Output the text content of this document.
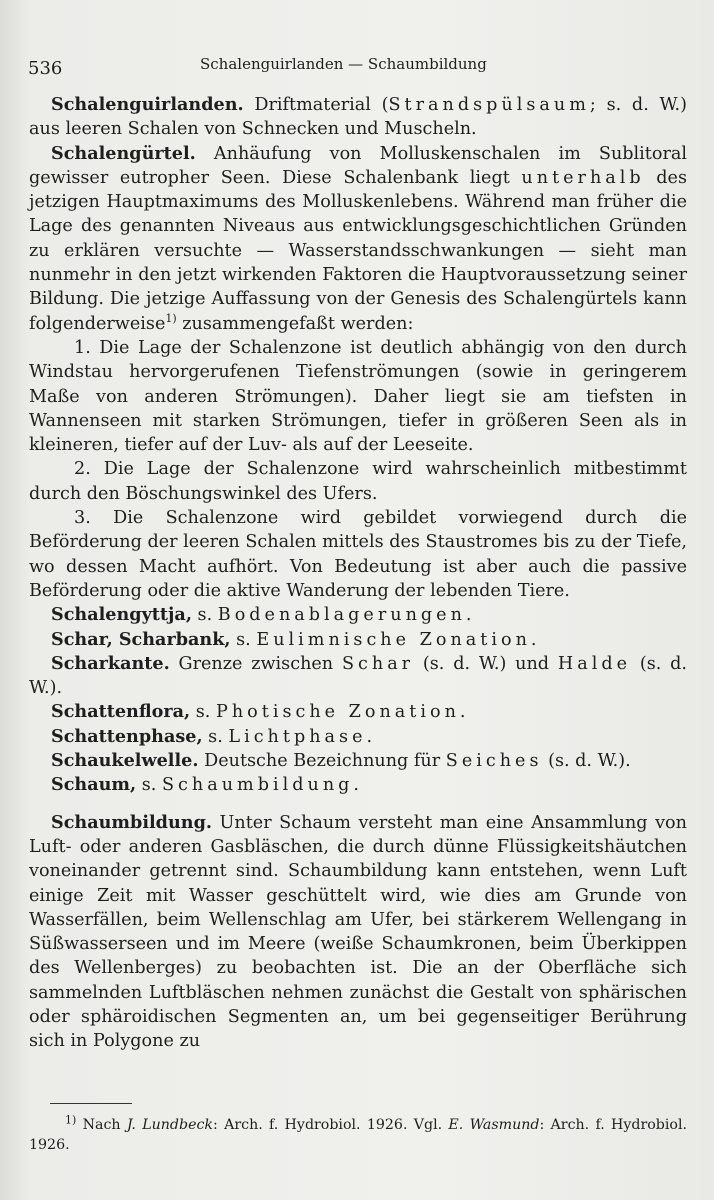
536	Schalenguirlanden — Schaumbildung

Schalenguirlanden. Driftmaterial (Strandspülsaum; s. d. W.) aus leeren Schalen von Schnecken und Muscheln.

Schalengürtel. Anhäufung von Molluskenschalen im Sublitoral gewisser eutropher Seen. Diese Schalenbank liegt unterhalb des jetzigen Hauptmaximums des Molluskenlebens. Während man früher die Lage des genannten Niveaus aus entwicklungsgeschichtlichen Gründen zu erklären versuchte — Wasserstandsschwankungen — sieht man nunmehr in den jetzt wirkenden Faktoren die Hauptvoraussetzung seiner Bildung. Die jetzige Auffassung von der Genesis des Schalengürtels kann folgenderweise$^{1)}$ zusammengefaßt werden:

1. Die Lage der Schalenzone ist deutlich abhängig von den durch Windstau hervorgerufenen Tiefenströmungen (sowie in geringerem Maße von anderen Strömungen). Daher liegt sie am tiefsten in Wannenseen mit starken Strömungen, tiefer in größeren Seen als in kleineren, tiefer auf der Luv- als auf der Leeseite.

2. Die Lage der Schalenzone wird wahrscheinlich mitbestimmt durch den Böschungswinkel des Ufers.

3. Die Schalenzone wird gebildet vorwiegend durch die Beförderung der leeren Schalen mittels des Staustromes bis zu der Tiefe, wo dessen Macht aufhört. Von Bedeutung ist aber auch die passive Beförderung oder die aktive Wanderung der lebenden Tiere.

Schalengyttja, s. Bodenablagerungen.

Schar, Scharbank, s. Eulimnische Zonation.

Scharkante. Grenze zwischen Schar (s. d. W.) und Halde (s. d. W.).

Schattenflora, s. Photische Zonation.

Schattenphase, s. Lichtphase.

Schaukelwelle. Deutsche Bezeichnung für Seiches (s. d. W.).

Schaum, s. Schaumbildung.

Schaumbildung. Unter Schaum versteht man eine Ansammlung von Luft- oder anderen Gasbläschen, die durch dünne Flüssigkeitshäutchen voneinander getrennt sind. Schaumbildung kann entstehen, wenn Luft einige Zeit mit Wasser geschüttelt wird, wie dies am Grunde von Wasserfällen, beim Wellenschlag am Ufer, bei stärkerem Wellengang in Süßwasserseen und im Meere (weiße Schaumkronen, beim Überkippen des Wellenberges) zu beobachten ist. Die an der Oberfläche sich sammelnden Luftbläschen nehmen zunächst die Gestalt von sphärischen oder sphäroidischen Segmenten an, um bei gegenseitiger Berührung sich in Polygone zu

$^{1)}$ Nach J. Lundbeck: Arch. f. Hydrobiol. 1926. Vgl. E. Wasmund: Arch. f. Hydrobiol. 1926.
